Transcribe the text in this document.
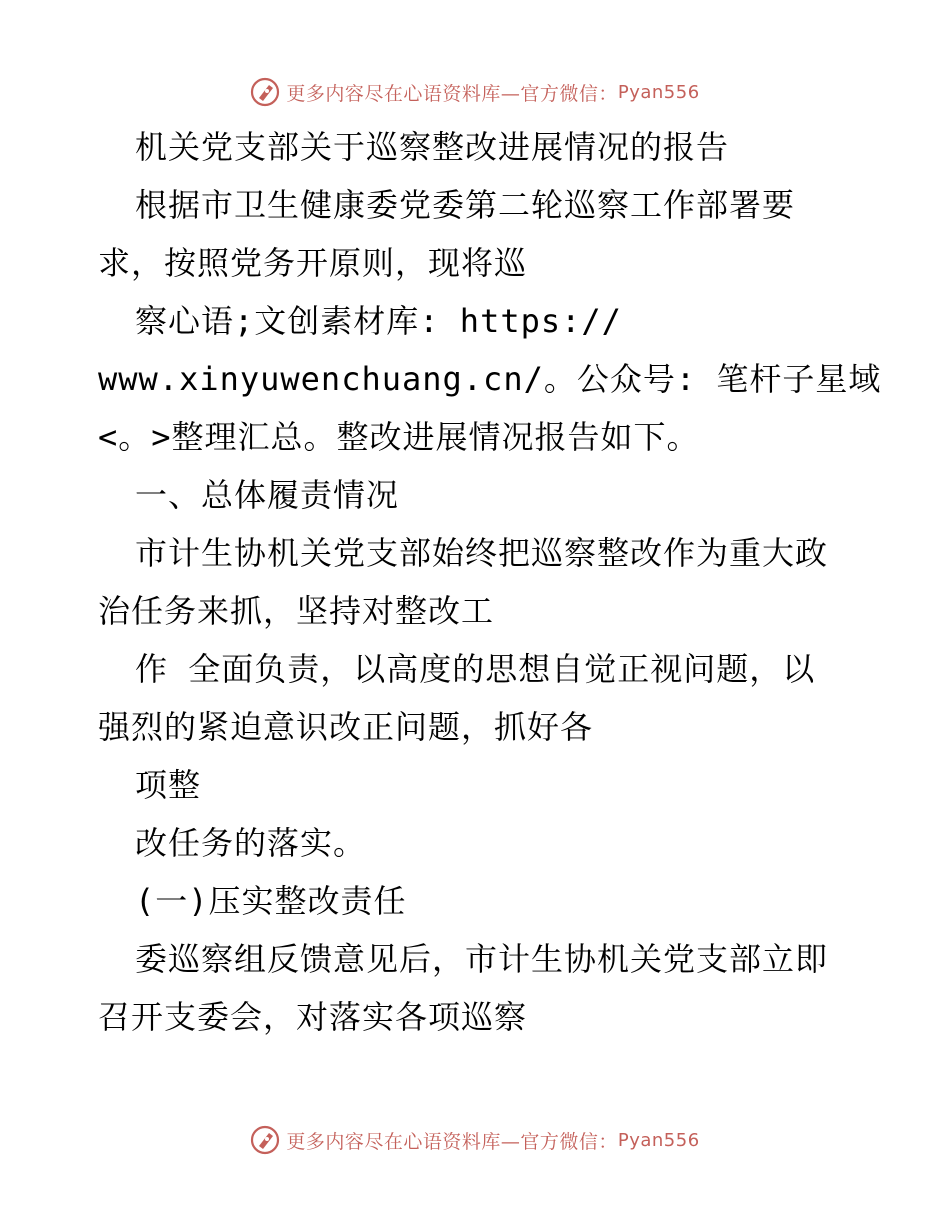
更多内容尽在心语资料库—官方微信： Pyan556
机关党支部关于巡察整改进展情况的报告
根据市卫生健康委党委第二轮巡察工作部署要
求，按照党务开原则，现将巡
察心语;文创素材库: https://
www.xinyuwenchuang.cn/。公众号: 笔杆子星域
<。>整理汇总。整改进展情况报告如下。
一、总体履责情况
市计生协机关党支部始终把巡察整改作为重大政
治任务来抓，坚持对整改工
作 全面负责，以高度的思想自觉正视问题，以
强烈的紧迫意识改正问题，抓好各
项整
改任务的落实。
(一)压实整改责任
委巡察组反馈意见后，市计生协机关党支部立即
召开支委会，对落实各项巡察
更多内容尽在心语资料库—官方微信： Pyan556
